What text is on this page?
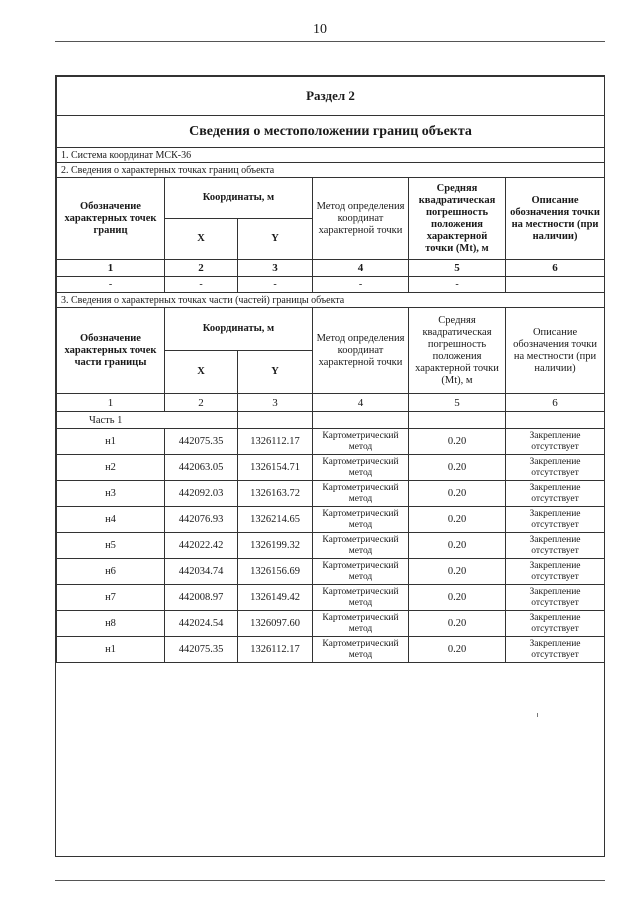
10
Раздел 2					
Сведения о местоположении границ объекта					
1. Система координат МСК-36					
2. Сведения о характерных точках границ объекта					
Обозначение характерных точек границ	Координаты, м		Метод определения координат характерной точки	Средняя квадратическая погрешность положения характерной точки (Mt), м	Описание обозначения точки на местности (при наличии)
	X	Y			
1	2	3	4	5	6
-	-	-	-	-	
3. Сведения о характерных точках части (частей) границы объекта					
Обозначение характерных точек части границы	Координаты, м		Метод определения координат характерной точки	Средняя квадратическая погрешность положения характерной точки (Mt), м	Описание обозначения точки на местности (при наличии)
	X	Y			
1	2	3	4	5	6
Часть 1					
н1	442075.35	1326112.17	Картометрический метод	0.20	Закрепление отсутствует
н2	442063.05	1326154.71	Картометрический метод	0.20	Закрепление отсутствует
н3	442092.03	1326163.72	Картометрический метод	0.20	Закрепление отсутствует
н4	442076.93	1326214.65	Картометрический метод	0.20	Закрепление отсутствует
н5	442022.42	1326199.32	Картометрический метод	0.20	Закрепление отсутствует
н6	442034.74	1326156.69	Картометрический метод	0.20	Закрепление отсутствует
н7	442008.97	1326149.42	Картометрический метод	0.20	Закрепление отсутствует
н8	442024.54	1326097.60	Картометрический метод	0.20	Закрепление отсутствует
н1	442075.35	1326112.17	Картометрический метод	0.20	Закрепление отсутствует
